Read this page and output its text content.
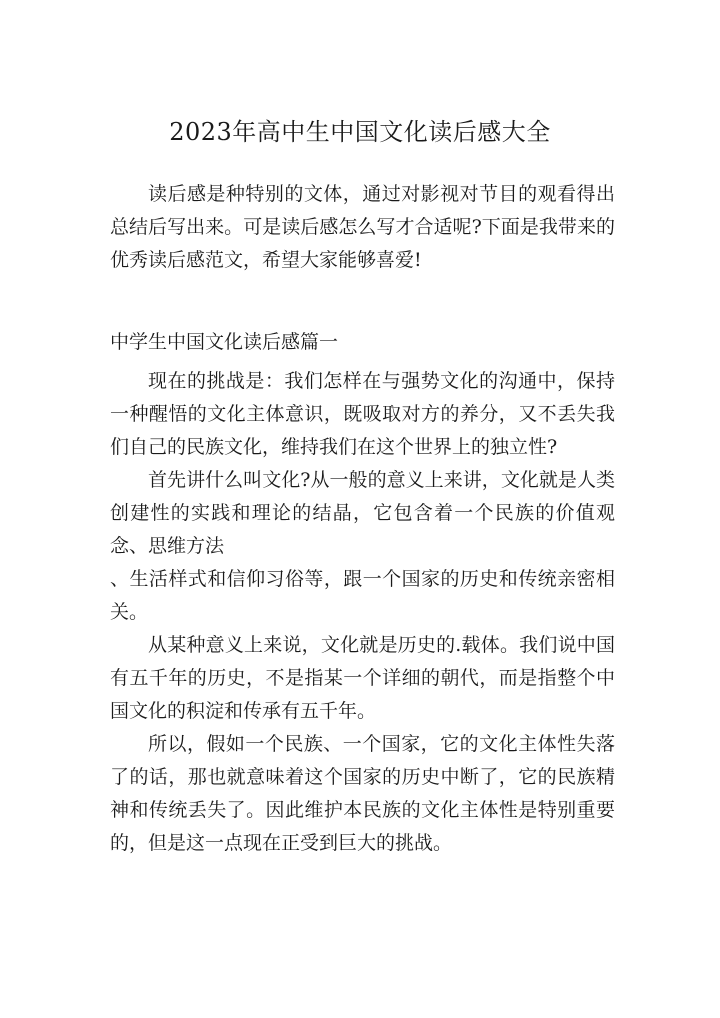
2023年高中生中国文化读后感大全

读后感是种特别的文体，通过对影视对节目的观看得出总结后写出来。可是读后感怎么写才合适呢?下面是我带来的优秀读后感范文，希望大家能够喜爱!

中学生中国文化读后感篇一

现在的挑战是：我们怎样在与强势文化的沟通中，保持一种醒悟的文化主体意识，既吸取对方的养分，又不丢失我们自己的民族文化，维持我们在这个世界上的独立性?

首先讲什么叫文化?从一般的意义上来讲，文化就是人类创建性的实践和理论的结晶，它包含着一个民族的价值观念、思维方法

、生活样式和信仰习俗等，跟一个国家的历史和传统亲密相关。

从某种意义上来说，文化就是历史的.载体。我们说中国有五千年的历史，不是指某一个详细的朝代，而是指整个中国文化的积淀和传承有五千年。

所以，假如一个民族、一个国家，它的文化主体性失落了的话，那也就意味着这个国家的历史中断了，它的民族精神和传统丢失了。因此维护本民族的文化主体性是特别重要的，但是这一点现在正受到巨大的挑战。
